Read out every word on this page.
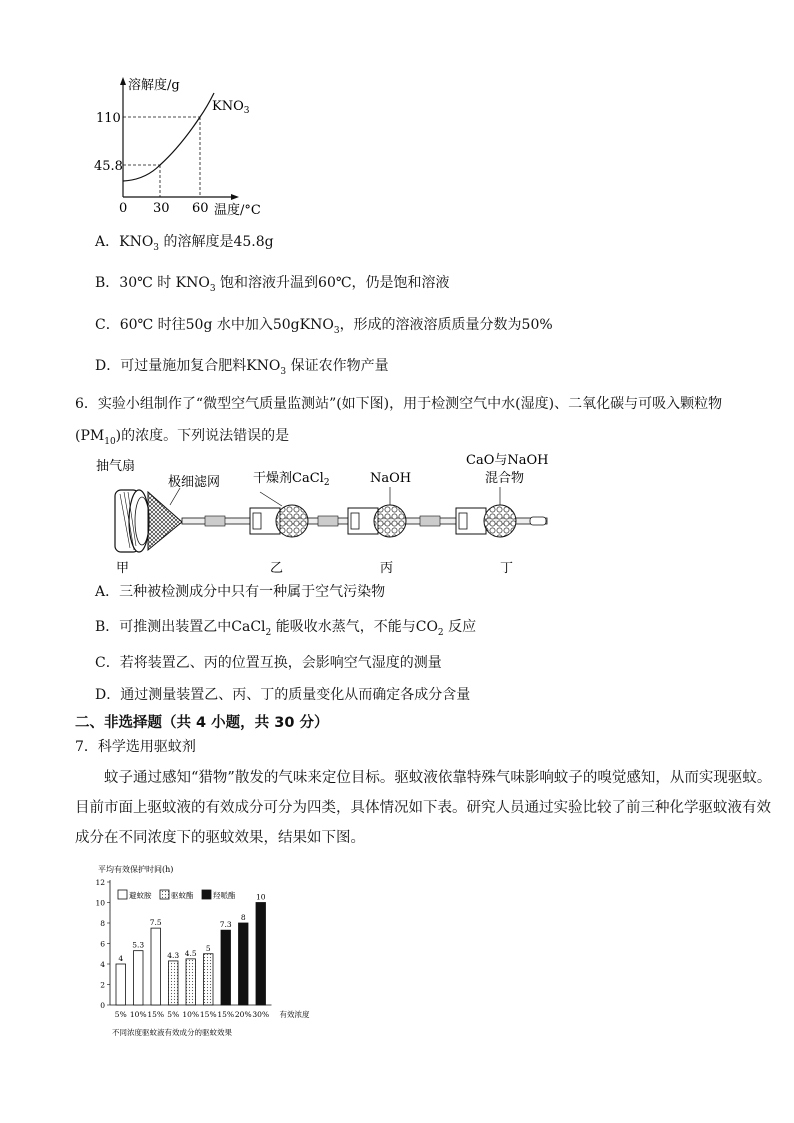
溶解度/g
110
45.8
0 30 60 温度/°C
$KNO_3$
A．$KNO_3$ 的溶解度是45.8g
B．30℃ 时 $KNO_3$ 饱和溶液升温到60℃，仍是饱和溶液
C．60℃ 时往50g 水中加入50gKNO$_3$，形成的溶液溶质质量分数为50%
D．可过量施加复合肥料$KNO_3$ 保证农作物产量
6．实验小组制作了“微型空气质量监测站”(如下图)，用于检测空气中水(湿度)、二氧化碳与可吸入颗粒物
$(PM_{10})$的浓度。下列说法错误的是
抽气扇
极细滤网	干燥剂CaCl$_2$	NaOH
CaO与NaOH
混合物
甲	乙	丙	丁
A．三种被检测成分中只有一种属于空气污染物
B．可推测出装置乙中CaCl$_2$ 能吸收水蒸气，不能与$CO_2$ 反应
C．若将装置乙、丙的位置互换，会影响空气湿度的测量
D．通过测量装置乙、丙、丁的质量变化从而确定各成分含量
二、非选择题（共 4 小题，共 30 分）
7．科学选用驱蚊剂
蚊子通过感知“猎物”散发的气味来定位目标。驱蚊液依靠特殊气味影响蚊子的嗅觉感知，从而实现驱蚊。目前市面上驱蚊液的有效成分可分为四类，具体情况如下表。研究人员通过实验比较了前三种化学驱蚊液有效成分在不同浓度下的驱蚊效果，结果如下图。
平均有效保护时间(h)
0
2
4
6
8
10
12
4
5.3
7.5
4.3 4.5
5
7.3
8
10
5% 10% 15% 5% 10% 15% 15% 20% 30% 有效浓度
不同浓度驱蚊液有效成分的驱蚊效果
避蚊胺	驱蚊酯	羟哌酯
